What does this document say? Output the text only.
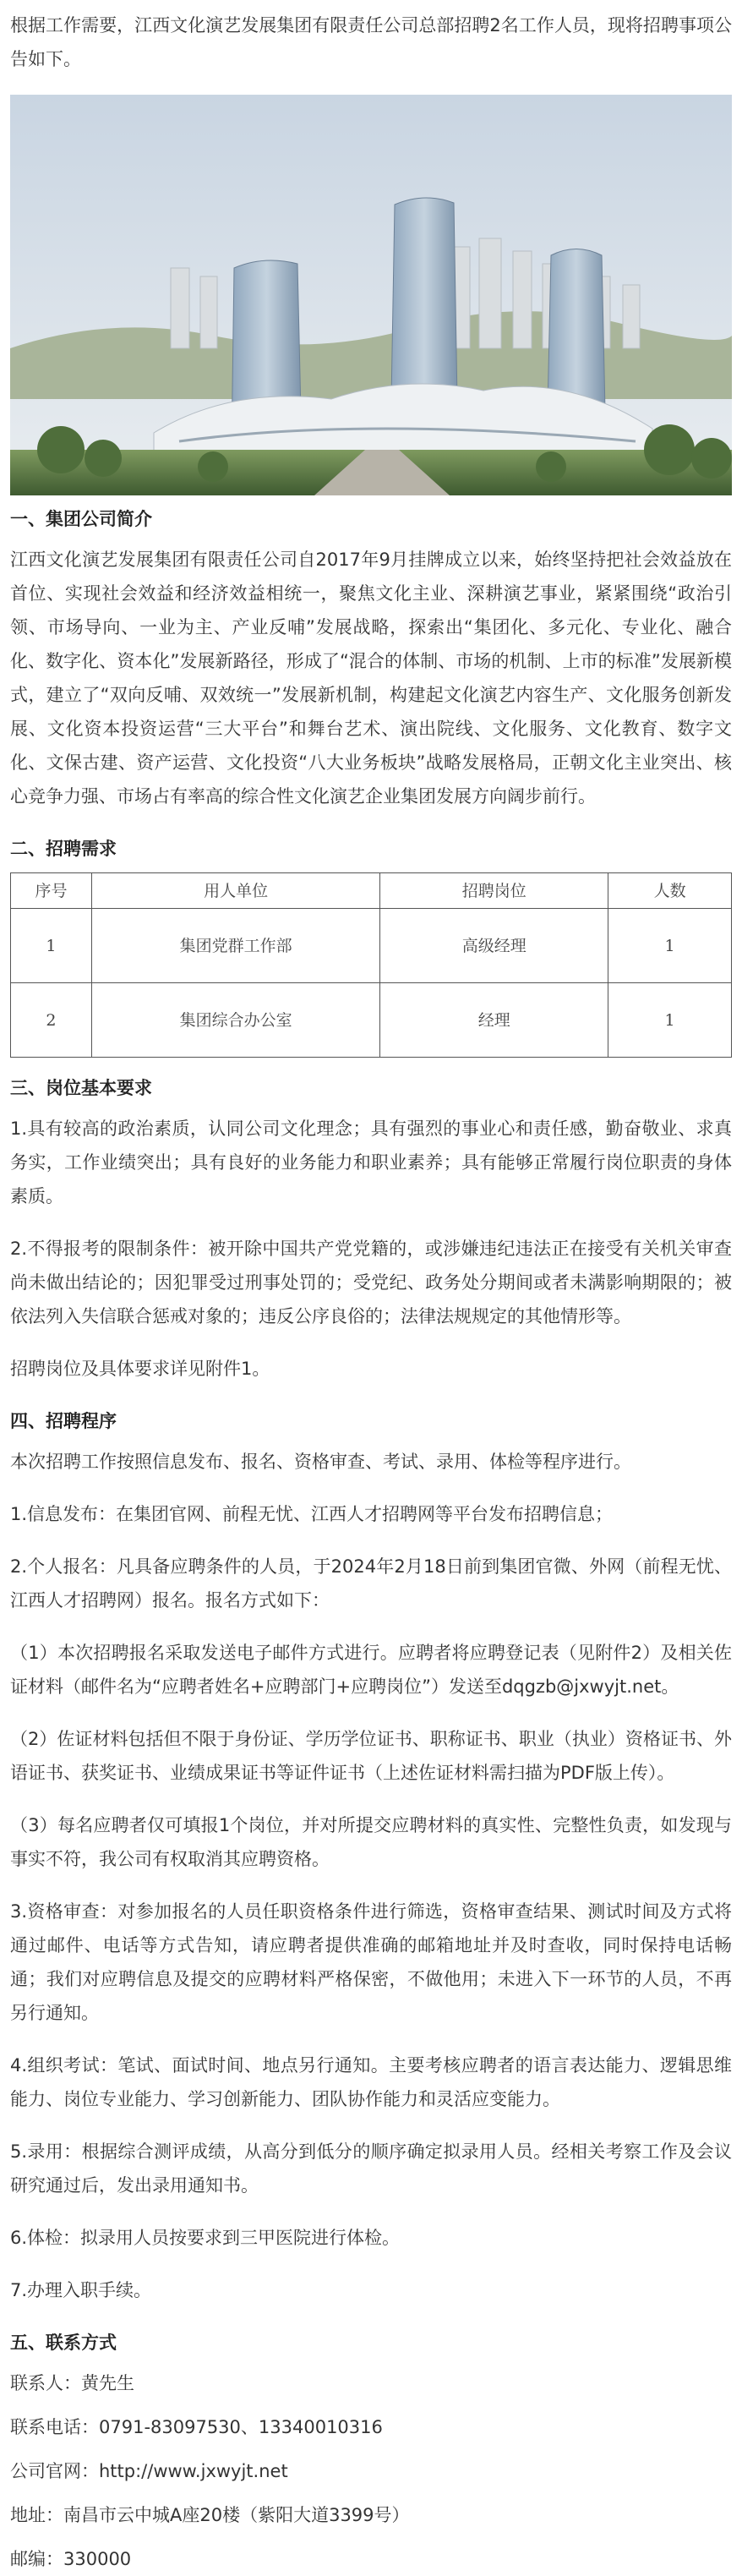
根据工作需要，江西文化演艺发展集团有限责任公司总部招聘2名工作人员，现将招聘事项公告如下。

一、集团公司简介

江西文化演艺发展集团有限责任公司自2017年9月挂牌成立以来，始终坚持把社会效益放在首位、实现社会效益和经济效益相统一，聚焦文化主业、深耕演艺事业，紧紧围绕“政治引领、市场导向、一业为主、产业反哺”发展战略，探索出“集团化、多元化、专业化、融合化、数字化、资本化”发展新路径，形成了“混合的体制、市场的机制、上市的标准”发展新模式，建立了“双向反哺、双效统一”发展新机制，构建起文化演艺内容生产、文化服务创新发展、文化资本投资运营“三大平台”和舞台艺术、演出院线、文化服务、文化教育、数字文化、文保古建、资产运营、文化投资“八大业务板块”战略发展格局，正朝文化主业突出、核心竞争力强、市场占有率高的综合性文化演艺企业集团发展方向阔步前行。

二、招聘需求
序号	用人单位	招聘岗位	人数
1	集团党群工作部	高级经理	1
2	集团综合办公室	经理	1
三、岗位基本要求

1.具有较高的政治素质，认同公司文化理念；具有强烈的事业心和责任感，勤奋敬业、求真务实，工作业绩突出；具有良好的业务能力和职业素养；具有能够正常履行岗位职责的身体素质。

2.不得报考的限制条件：被开除中国共产党党籍的，或涉嫌违纪违法正在接受有关机关审查尚未做出结论的；因犯罪受过刑事处罚的；受党纪、政务处分期间或者未满影响期限的；被依法列入失信联合惩戒对象的；违反公序良俗的；法律法规规定的其他情形等。

招聘岗位及具体要求详见附件1。

四、招聘程序

本次招聘工作按照信息发布、报名、资格审查、考试、录用、体检等程序进行。

1.信息发布：在集团官网、前程无忧、江西人才招聘网等平台发布招聘信息；

2.个人报名：凡具备应聘条件的人员，于2024年2月18日前到集团官微、外网（前程无忧、江西人才招聘网）报名。报名方式如下：

（1）本次招聘报名采取发送电子邮件方式进行。应聘者将应聘登记表（见附件2）及相关佐证材料（邮件名为“应聘者姓名+应聘部门+应聘岗位”）发送至dqgzb@jxwyjt.net。

（2）佐证材料包括但不限于身份证、学历学位证书、职称证书、职业（执业）资格证书、外语证书、获奖证书、业绩成果证书等证件证书（上述佐证材料需扫描为PDF版上传）。

（3）每名应聘者仅可填报1个岗位，并对所提交应聘材料的真实性、完整性负责，如发现与事实不符，我公司有权取消其应聘资格。

3.资格审查：对参加报名的人员任职资格条件进行筛选，资格审查结果、测试时间及方式将通过邮件、电话等方式告知，请应聘者提供准确的邮箱地址并及时查收，同时保持电话畅通；我们对应聘信息及提交的应聘材料严格保密，不做他用；未进入下一环节的人员，不再另行通知。

4.组织考试：笔试、面试时间、地点另行通知。主要考核应聘者的语言表达能力、逻辑思维能力、岗位专业能力、学习创新能力、团队协作能力和灵活应变能力。

5.录用：根据综合测评成绩，从高分到低分的顺序确定拟录用人员。经相关考察工作及会议研究通过后，发出录用通知书。

6.体检：拟录用人员按要求到三甲医院进行体检。

7.办理入职手续。

五、联系方式

联系人：黄先生

联系电话：0791-83097530、13340010316

公司官网：http://www.jxwyjt.net

地址：南昌市云中城A座20楼（紫阳大道3399号）

邮编：330000
